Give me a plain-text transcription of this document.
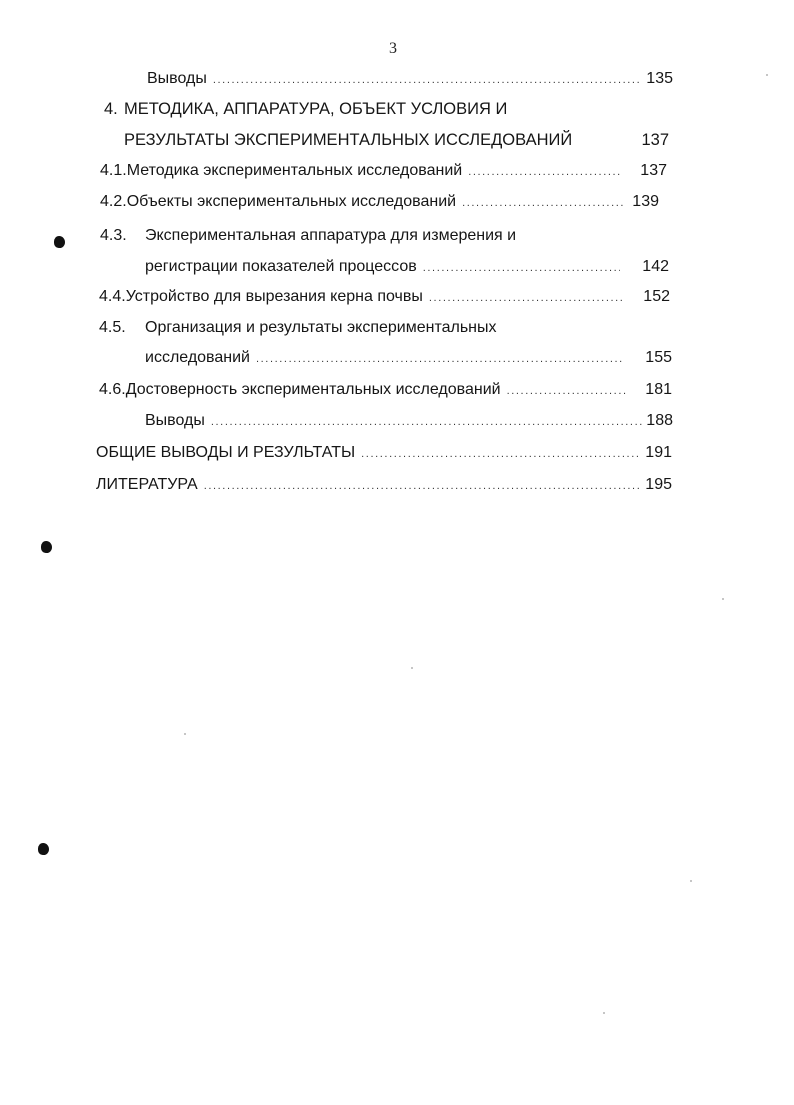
3
Выводы .....	135
4. МЕТОДИКА, АППАРАТУРА, ОБЪЕКТ УСЛОВИЯ И
РЕЗУЛЬТАТЫ ЭКСПЕРИМЕНТАЛЬНЫХ ИССЛЕДОВАНИЙ	137
4.1. Методика экспериментальных исследований .....	137
4.2. Объекты экспериментальных исследований .....	139
4.3.	Экспериментальная аппаратура для измерения и
регистрации показателей процессов .....	142
4.4. Устройство для вырезания керна почвы .....	152
4.5.	Организация и результаты экспериментальных
исследований .....	155
4.6. Достоверность экспериментальных исследований .....	181
Выводы .....	188
ОБЩИЕ ВЫВОДЫ И РЕЗУЛЬТАТЫ .....	191
ЛИТЕРАТУРА .....	195
